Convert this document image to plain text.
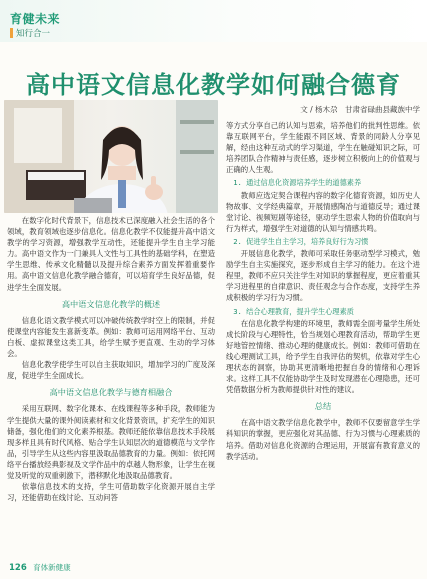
育健未来
知行合一
高中语文信息化教学如何融合德育
文 / 杨木尕　甘肃省碌曲县藏族中学

在数字化时代背景下，信息技术已深度融入社会生活的各个领域，教育领域也逐步信息化。信息化教学不仅能提升高中语文教学的学习资源，增强教学互动性，还能提升学生自主学习能力。高中语文作为一门兼具人文性与工具性的基础学科，在塑造学生思维、传承文化精髓以及提升综合素养方面发挥着重要作用。高中语文信息化教学融合德育，可以培育学生良好品德，促进学生全面发展。

高中语文信息化教学的概述

信息化语文教学模式可以冲破传统教学时空上的限制，并促使课堂内容能发生喜新变革。例如：教师可运用网络平台、互动白板、虚拟课堂这类工具，给学生赋予更直观、生动的学习体会。

信息化教学使学生可以自主获取知识，增加学习的广度及深度，促进学生全面成长。

高中语文信息化教学与德育相融合

采用互联网、数字化课本、在线课程等多种手段，教师能为学生提供大量的课外阅读素材和文化背景资讯，扩充学生的知识储备，强化他们的文化素养根基。教师还能依靠信息技术手段展现多样且具有时代风格、贴合学生认知层次的道德模范与文学作品，引导学生从这些内容里汲取品德教育的力量。例如：依托网络平台播放经典影视及文学作品中的卓越人物形象，让学生在视觉及听觉的双重刺激下，潜移默化地汲取品德教育。

依靠信息技术的支持，学生可借助数字化资源开展自主学习，还能借助在线讨论、互动问答

等方式分享自己的认知与思索，培养他们的批判性思维。依靠互联网平台，学生能跟不同区域、背景的同龄人分享见解，经由这种互动式的学习渠道，学生在触碰知识之际，可培养团队合作精神与责任感，逐步树立积极向上的价值观与正确的人生观。

1. 通过信息化资源培养学生的道德素养

教师应选定契合课程内容的数字化德育资源，如历史人物故事、文学经典篇章，开展情感陶冶与道德反导；通过课堂讨论、视频短剧等途径，驱动学生思索人物的价值取向与行为样式，增强学生对道德的认知与情感共鸣。

2. 促进学生自主学习，培养良好行为习惯

开展信息化教学，教师可采取任务驱动型学习模式，勉励学生自主实施探究，逐步形成自主学习的能力。在这个进程里，教师不应只关注学生对知识的掌握程度，更应着重其学习进程里的自律意识、责任观念与合作态度，支持学生养成积极的学习行为习惯。

3. 结合心理教育，提升学生心理素质

在信息化教学构建的环境里，教师需全面考量学生所处成长阶段与心理特性，恰当规划心理教育活动，帮助学生更好地管控情绪、推动心理的健康成长。例如：教师可借助在线心理测试工具，给予学生自我评估的契机，依靠对学生心理状态的洞察，协助其更清晰地把握自身的情绪和心理诉求。这样工具不仅能协助学生及时发现潜在心理隐患，还可凭借数据分析为教师提供针对性的建议。

总结

在高中语文教学信息化教学中，教师不仅要留意学生学科知识的掌握，更应强化对其品德、行为习惯与心理素质的培养。借助对信息化资源的合理运用，开展富有教育意义的教学活动。

126 育体新健康
